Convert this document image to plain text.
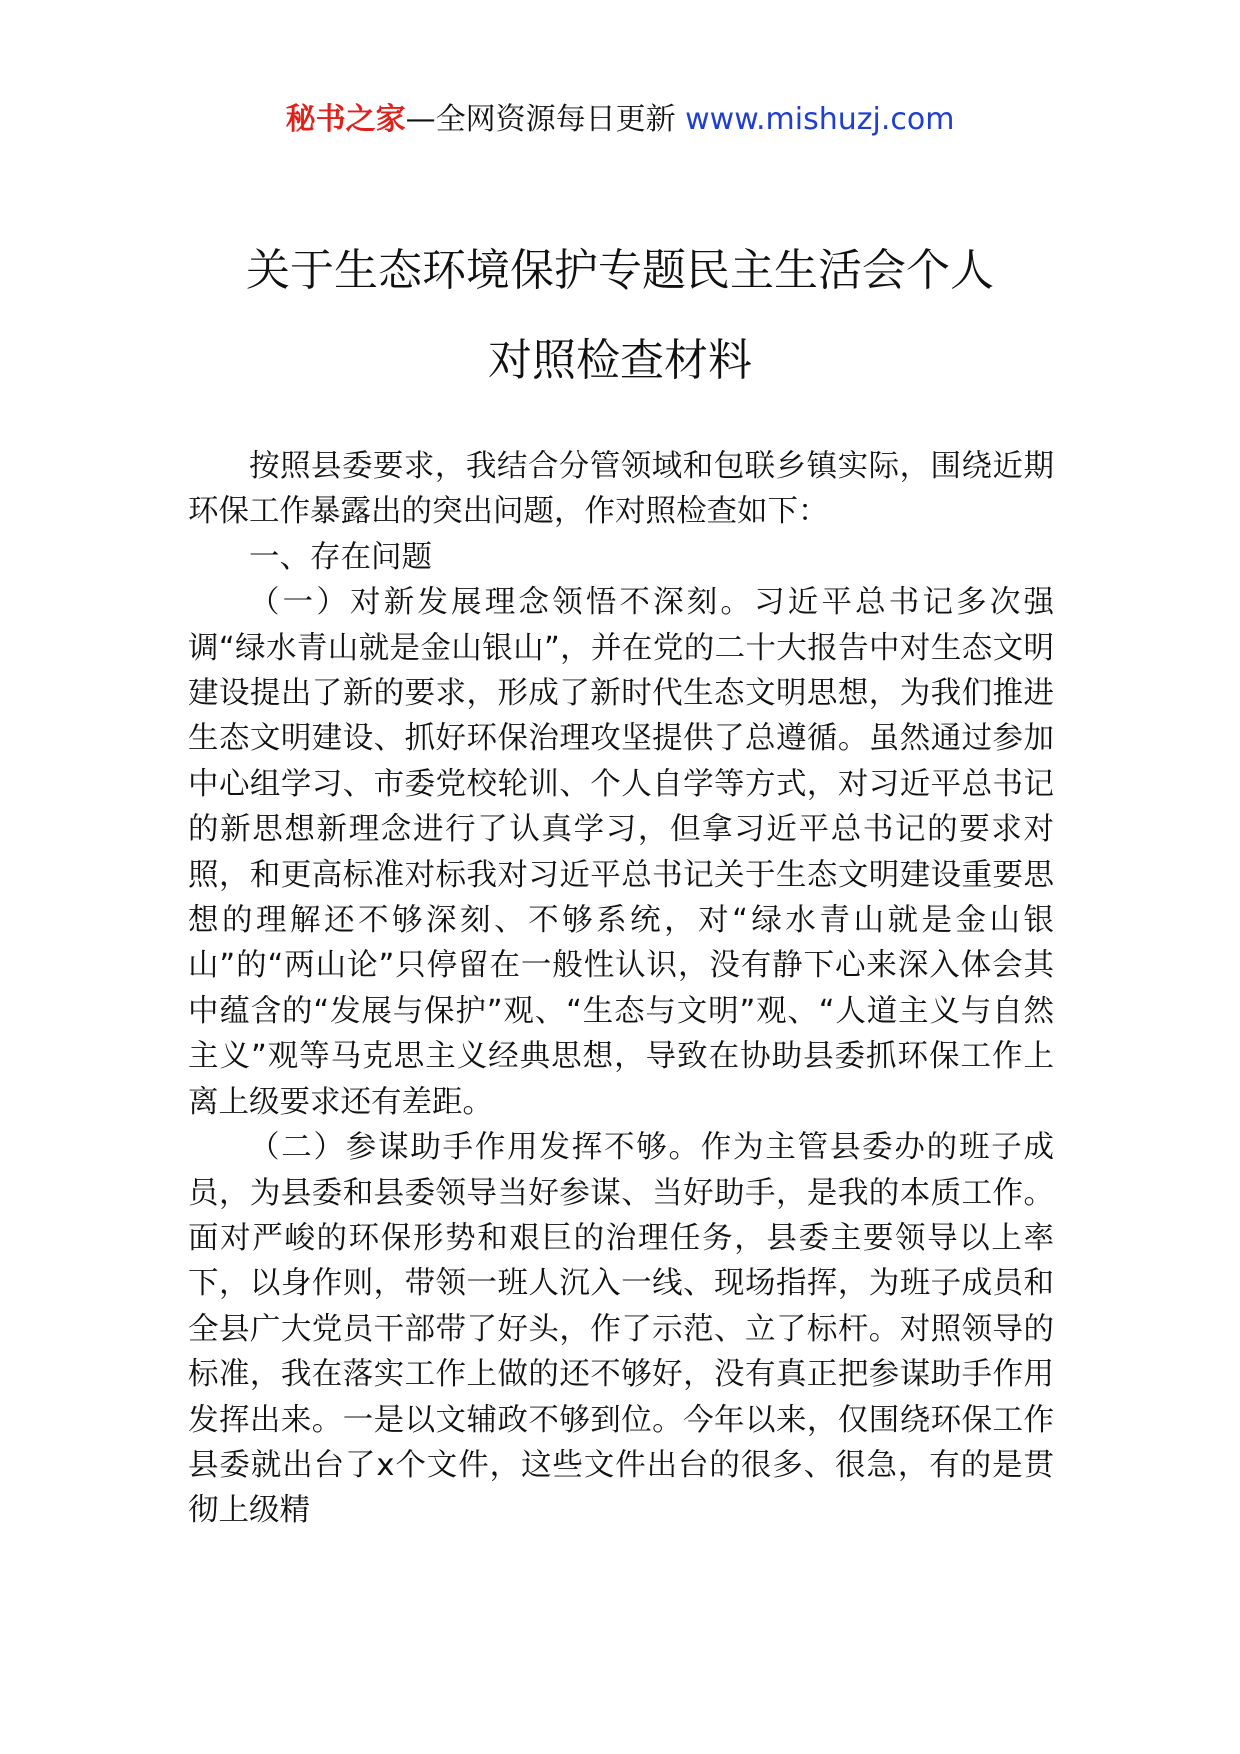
秘书之家—全网资源每日更新 www.mishuzj.com
关于生态环境保护专题民主生活会个人
对照检查材料

按照县委要求，我结合分管领域和包联乡镇实际，围绕近期环保工作暴露出的突出问题，作对照检查如下：

一、存在问题

（一）对新发展理念领悟不深刻。习近平总书记多次强调“绿水青山就是金山银山”，并在党的二十大报告中对生态文明建设提出了新的要求，形成了新时代生态文明思想，为我们推进生态文明建设、抓好环保治理攻坚提供了总遵循。虽然通过参加中心组学习、市委党校轮训、个人自学等方式，对习近平总书记的新思想新理念进行了认真学习，但拿习近平总书记的要求对照，和更高标准对标我对习近平总书记关于生态文明建设重要思想的理解还不够深刻、不够系统，对“绿水青山就是金山银山”的“两山论”只停留在一般性认识，没有静下心来深入体会其中蕴含的“发展与保护”观、“生态与文明”观、“人道主义与自然主义”观等马克思主义经典思想，导致在协助县委抓环保工作上离上级要求还有差距。

（二）参谋助手作用发挥不够。作为主管县委办的班子成员，为县委和县委领导当好参谋、当好助手，是我的本质工作。面对严峻的环保形势和艰巨的治理任务，县委主要领导以上率下，以身作则，带领一班人沉入一线、现场指挥，为班子成员和全县广大党员干部带了好头，作了示范、立了标杆。对照领导的标准，我在落实工作上做的还不够好，没有真正把参谋助手作用发挥出来。一是以文辅政不够到位。今年以来，仅围绕环保工作县委就出台了x个文件，这些文件出台的很多、很急，有的是贯彻上级精
